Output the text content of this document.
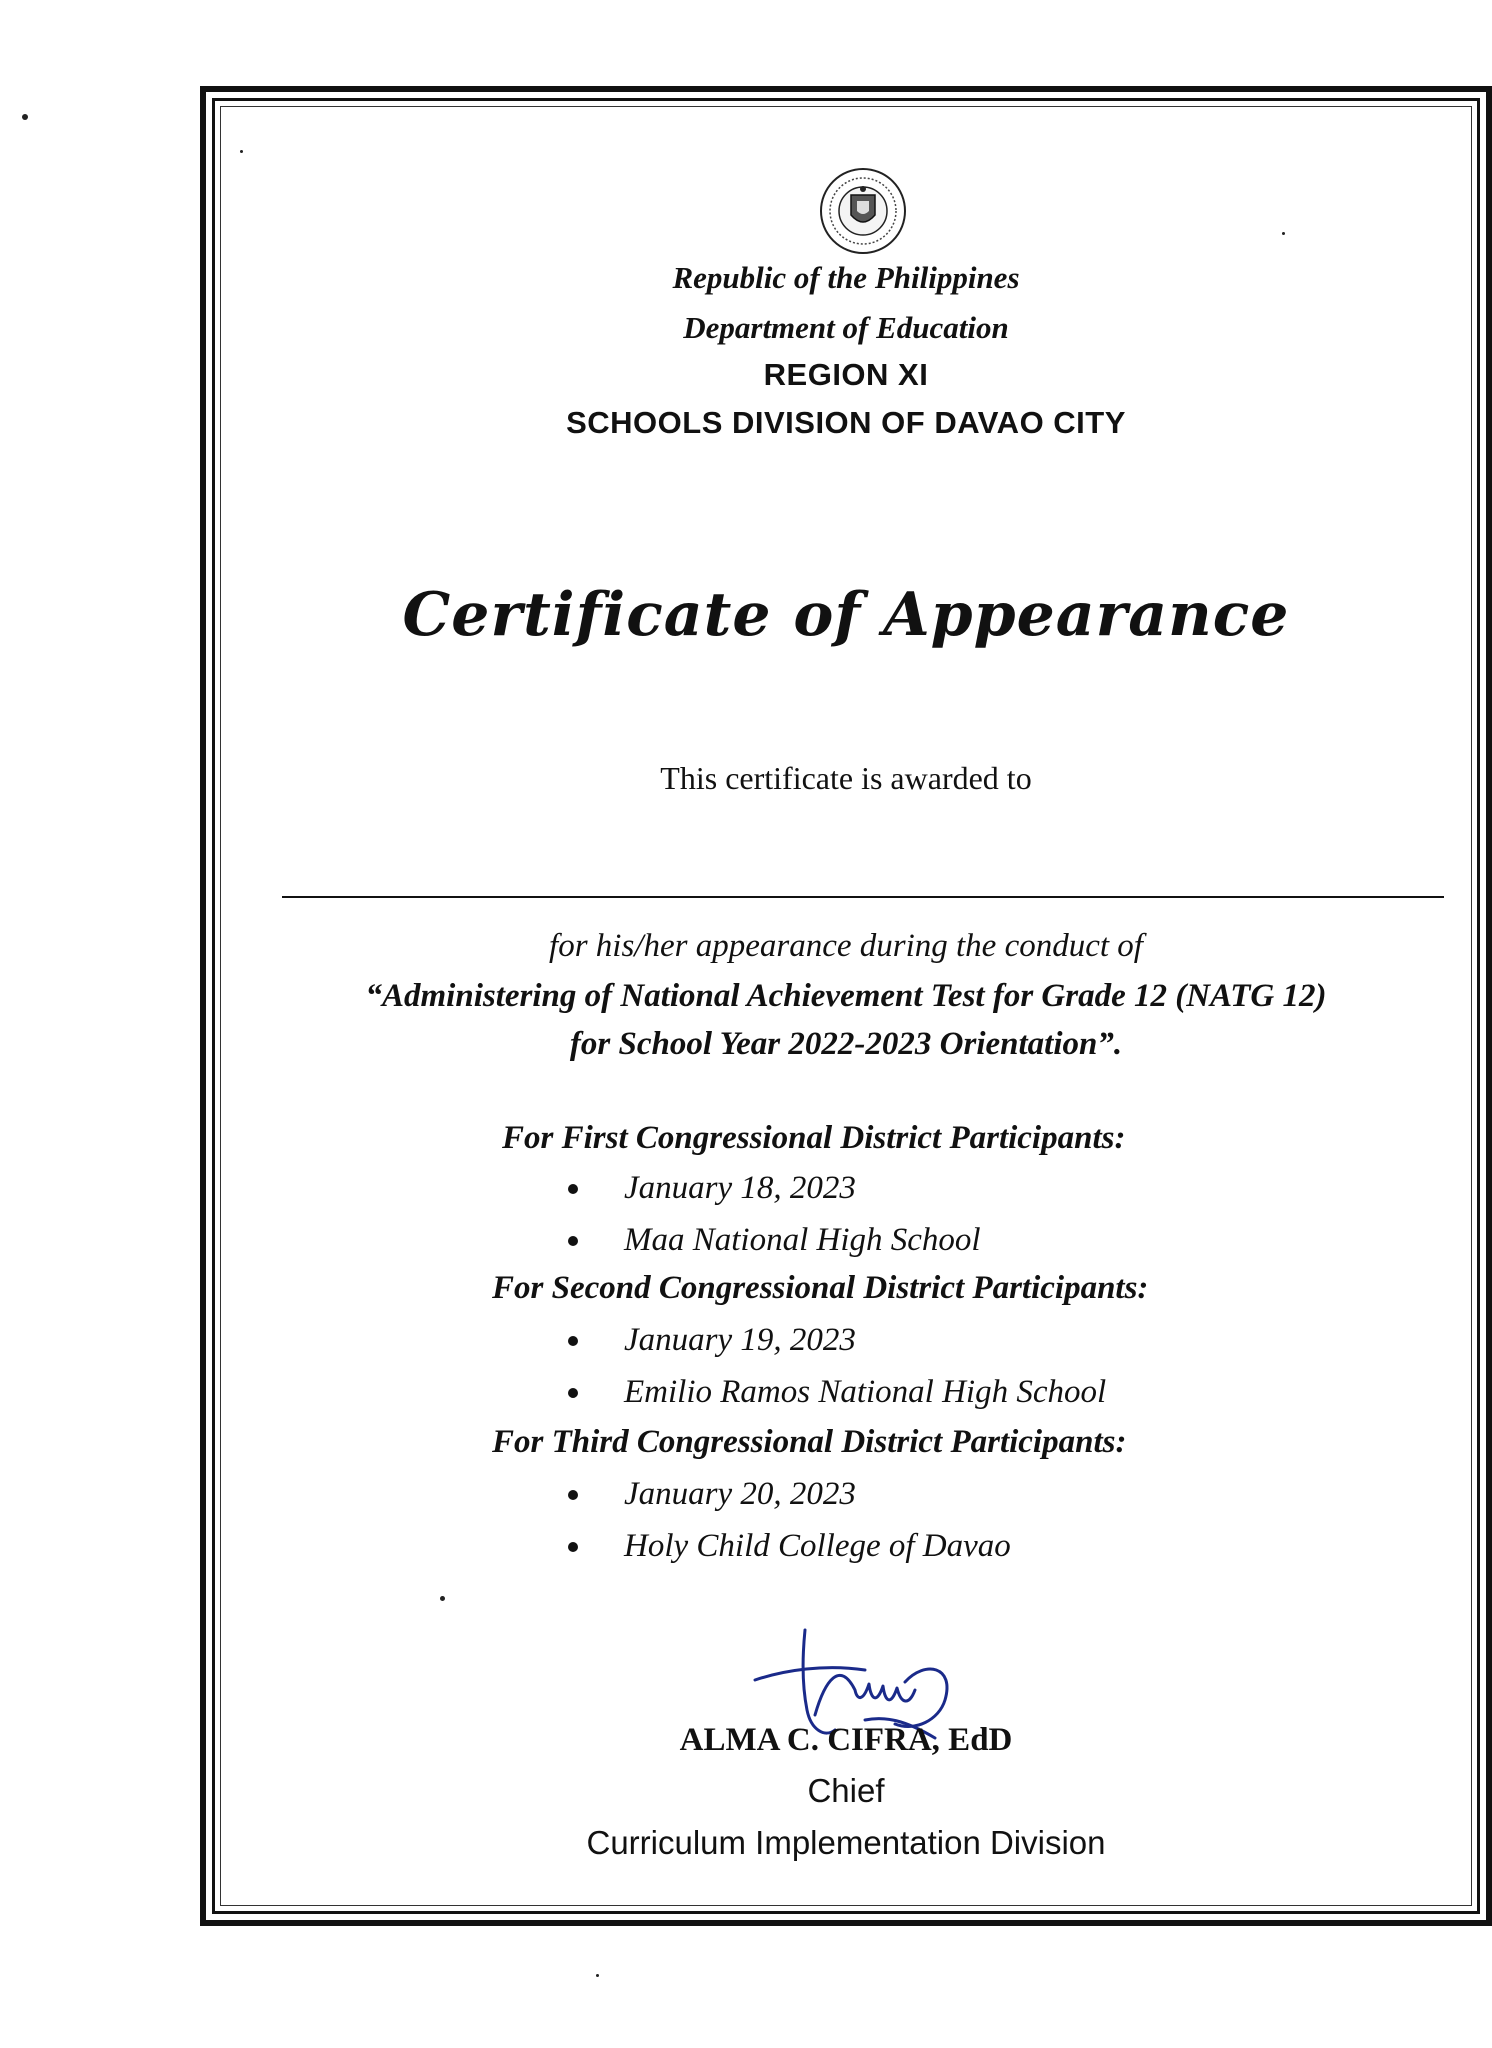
Republic of the Philippines
Department of Education
REGION XI
SCHOOLS DIVISION OF DAVAO CITY
Certificate of Appearance
This certificate is awarded to
for his/her appearance during the conduct of
“Administering of National Achievement Test for Grade 12 (NATG 12)
for School Year 2022-2023 Orientation”.
For First Congressional District Participants:
January 18, 2023
Maa National High School
For Second Congressional District Participants:
January 19, 2023
Emilio Ramos National High School
For Third Congressional District Participants:
January 20, 2023
Holy Child College of Davao
ALMA C. CIFRA, EdD
Chief
Curriculum Implementation Division
